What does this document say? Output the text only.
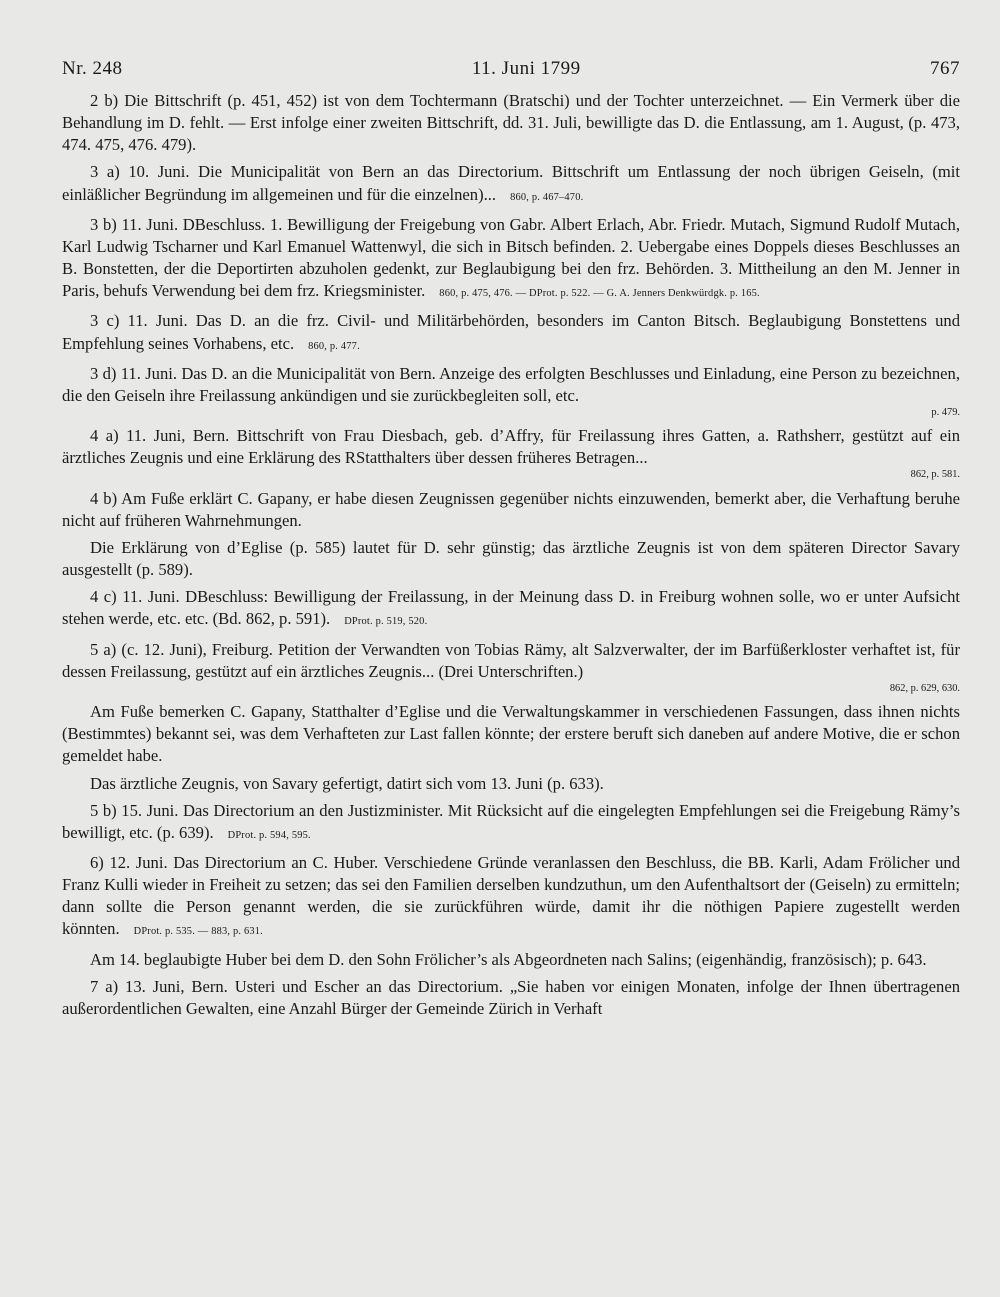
Nr. 248	11. Juni 1799	767

2 b) Die Bittschrift (p. 451, 452) ist von dem Tochtermann (Bratschi) und der Tochter unterzeichnet. — Ein Vermerk über die Behandlung im D. fehlt. — Erst infolge einer zweiten Bittschrift, dd. 31. Juli, bewilligte das D. die Entlassung, am 1. August, (p. 473, 474. 475, 476. 479).

3 a) 10. Juni. Die Municipalität von Bern an das Directorium. Bittschrift um Entlassung der noch übrigen Geiseln, (mit einläßlicher Begründung im allgemeinen und für die einzelnen)... 860, p. 467–470.

3 b) 11. Juni. DBeschluss. 1. Bewilligung der Freigebung von Gabr. Albert Erlach, Abr. Friedr. Mutach, Sigmund Rudolf Mutach, Karl Ludwig Tscharner und Karl Emanuel Wattenwyl, die sich in Bitsch befinden. 2. Uebergabe eines Doppels dieses Beschlusses an B. Bonstetten, der die Deportirten abzuholen gedenkt, zur Beglaubigung bei den frz. Behörden. 3. Mittheilung an den M. Jenner in Paris, behufs Verwendung bei dem frz. Kriegsminister. 860, p. 475, 476. — DProt. p. 522. — G. A. Jenners Denkwürdgk. p. 165.

3 c) 11. Juni. Das D. an die frz. Civil- und Militärbehörden, besonders im Canton Bitsch. Beglaubigung Bonstettens und Empfehlung seines Vorhabens, etc. 860, p. 477.

3 d) 11. Juni. Das D. an die Municipalität von Bern. Anzeige des erfolgten Beschlusses und Einladung, eine Person zu bezeichnen, die den Geiseln ihre Freilassung ankündigen und sie zurückbegleiten soll, etc.

p. 479.

4 a) 11. Juni, Bern. Bittschrift von Frau Diesbach, geb. d’Affry, für Freilassung ihres Gatten, a. Rathsherr, gestützt auf ein ärztliches Zeugnis und eine Erklärung des RStatthalters über dessen früheres Betragen...

862, p. 581.

4 b) Am Fuße erklärt C. Gapany, er habe diesen Zeugnissen gegenüber nichts einzuwenden, bemerkt aber, die Verhaftung beruhe nicht auf früheren Wahrnehmungen.

Die Erklärung von d’Eglise (p. 585) lautet für D. sehr günstig; das ärztliche Zeugnis ist von dem späteren Director Savary ausgestellt (p. 589).

4 c) 11. Juni. DBeschluss: Bewilligung der Freilassung, in der Meinung dass D. in Freiburg wohnen solle, wo er unter Aufsicht stehen werde, etc. etc. (Bd. 862, p. 591). DProt. p. 519, 520.

5 a) (c. 12. Juni), Freiburg. Petition der Verwandten von Tobias Rämy, alt Salzverwalter, der im Barfüßerkloster verhaftet ist, für dessen Freilassung, gestützt auf ein ärztliches Zeugnis... (Drei Unterschriften.)

862, p. 629, 630.

Am Fuße bemerken C. Gapany, Statthalter d’Eglise und die Verwaltungskammer in verschiedenen Fassungen, dass ihnen nichts (Bestimmtes) bekannt sei, was dem Verhafteten zur Last fallen könnte; der erstere beruft sich daneben auf andere Motive, die er schon gemeldet habe.

Das ärztliche Zeugnis, von Savary gefertigt, datirt sich vom 13. Juni (p. 633).

5 b) 15. Juni. Das Directorium an den Justizminister. Mit Rücksicht auf die eingelegten Empfehlungen sei die Freigebung Rämy’s bewilligt, etc. (p. 639). DProt. p. 594, 595.

6) 12. Juni. Das Directorium an C. Huber. Verschiedene Gründe veranlassen den Beschluss, die BB. Karli, Adam Frölicher und Franz Kulli wieder in Freiheit zu setzen; das sei den Familien derselben kundzuthun, um den Aufenthaltsort der (Geiseln) zu ermitteln; dann sollte die Person genannt werden, die sie zurückführen würde, damit ihr die nöthigen Papiere zugestellt werden könnten. DProt. p. 535. — 883, p. 631.

Am 14. beglaubigte Huber bei dem D. den Sohn Frölicher’s als Abgeordneten nach Salins; (eigenhändig, französisch); p. 643.

7 a) 13. Juni, Bern. Usteri und Escher an das Directorium. „Sie haben vor einigen Monaten, infolge der Ihnen übertragenen außerordentlichen Gewalten, eine Anzahl Bürger der Gemeinde Zürich in Verhaft
